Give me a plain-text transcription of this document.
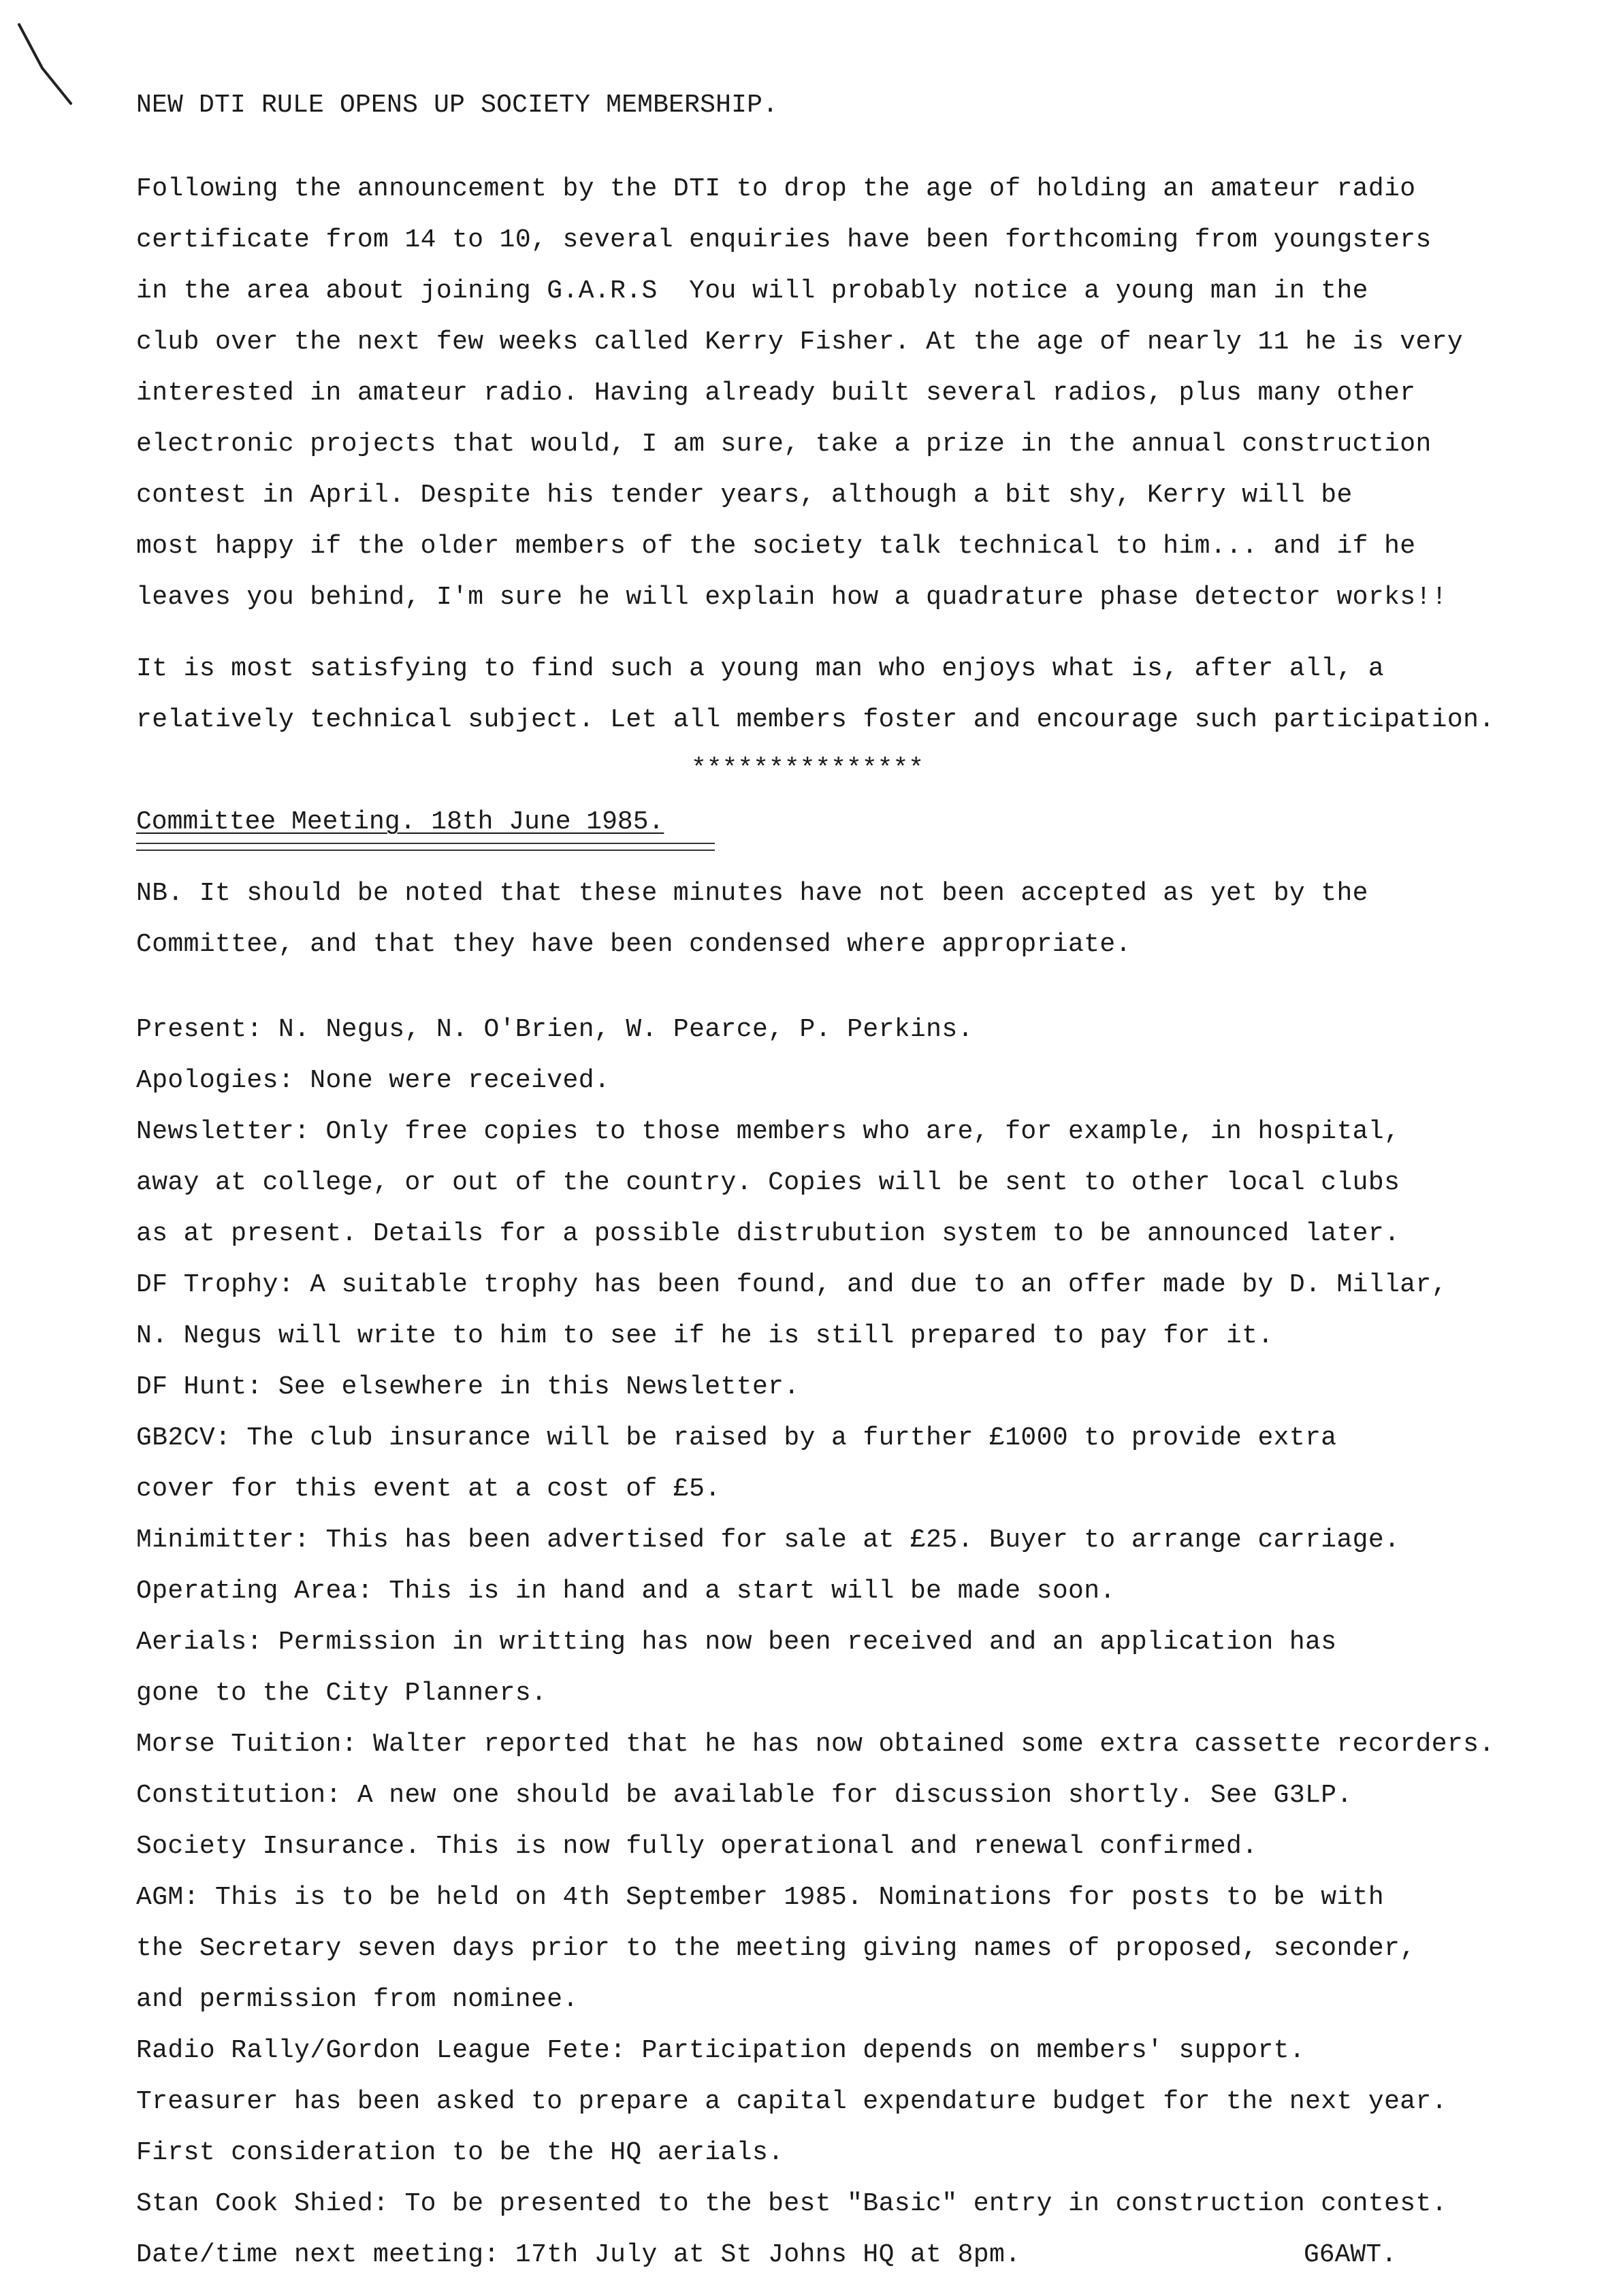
NEW DTI RULE OPENS UP SOCIETY MEMBERSHIP.
Following the announcement by the DTI to drop the age of holding an amateur radio
certificate from 14 to 10, several enquiries have been forthcoming from youngsters
in the area about joining G.A.R.S  You will probably notice a young man in the
club over the next few weeks called Kerry Fisher. At the age of nearly 11 he is very
interested in amateur radio. Having already built several radios, plus many other
electronic projects that would, I am sure, take a prize in the annual construction
contest in April. Despite his tender years, although a bit shy, Kerry will be
most happy if the older members of the society talk technical to him... and if he
leaves you behind, I'm sure he will explain how a quadrature phase detector works!!
It is most satisfying to find such a young man who enjoys what is, after all, a
relatively technical subject. Let all members foster and encourage such participation.
***************
Committee Meeting. 18th June 1985.
NB. It should be noted that these minutes have not been accepted as yet by the
Committee, and that they have been condensed where appropriate.
Present: N. Negus, N. O'Brien, W. Pearce, P. Perkins.
Apologies: None were received.
Newsletter: Only free copies to those members who are, for example, in hospital,
away at college, or out of the country. Copies will be sent to other local clubs
as at present. Details for a possible distrubution system to be announced later.
DF Trophy: A suitable trophy has been found, and due to an offer made by D. Millar,
N. Negus will write to him to see if he is still prepared to pay for it.
DF Hunt: See elsewhere in this Newsletter.
GB2CV: The club insurance will be raised by a further £1000 to provide extra
cover for this event at a cost of £5.
Minimitter: This has been advertised for sale at £25. Buyer to arrange carriage.
Operating Area: This is in hand and a start will be made soon.
Aerials: Permission in writting has now been received and an application has
gone to the City Planners.
Morse Tuition: Walter reported that he has now obtained some extra cassette recorders.
Constitution: A new one should be available for discussion shortly. See G3LP.
Society Insurance. This is now fully operational and renewal confirmed.
AGM: This is to be held on 4th September 1985. Nominations for posts to be with
the Secretary seven days prior to the meeting giving names of proposed, seconder,
and permission from nominee.
Radio Rally/Gordon League Fete: Participation depends on members' support.
Treasurer has been asked to prepare a capital expendature budget for the next year.
First consideration to be the HQ aerials.
Stan Cook Shied: To be presented to the best "Basic" entry in construction contest.
Date/time next meeting: 17th July at St Johns HQ at 8pm.	G6AWT.
